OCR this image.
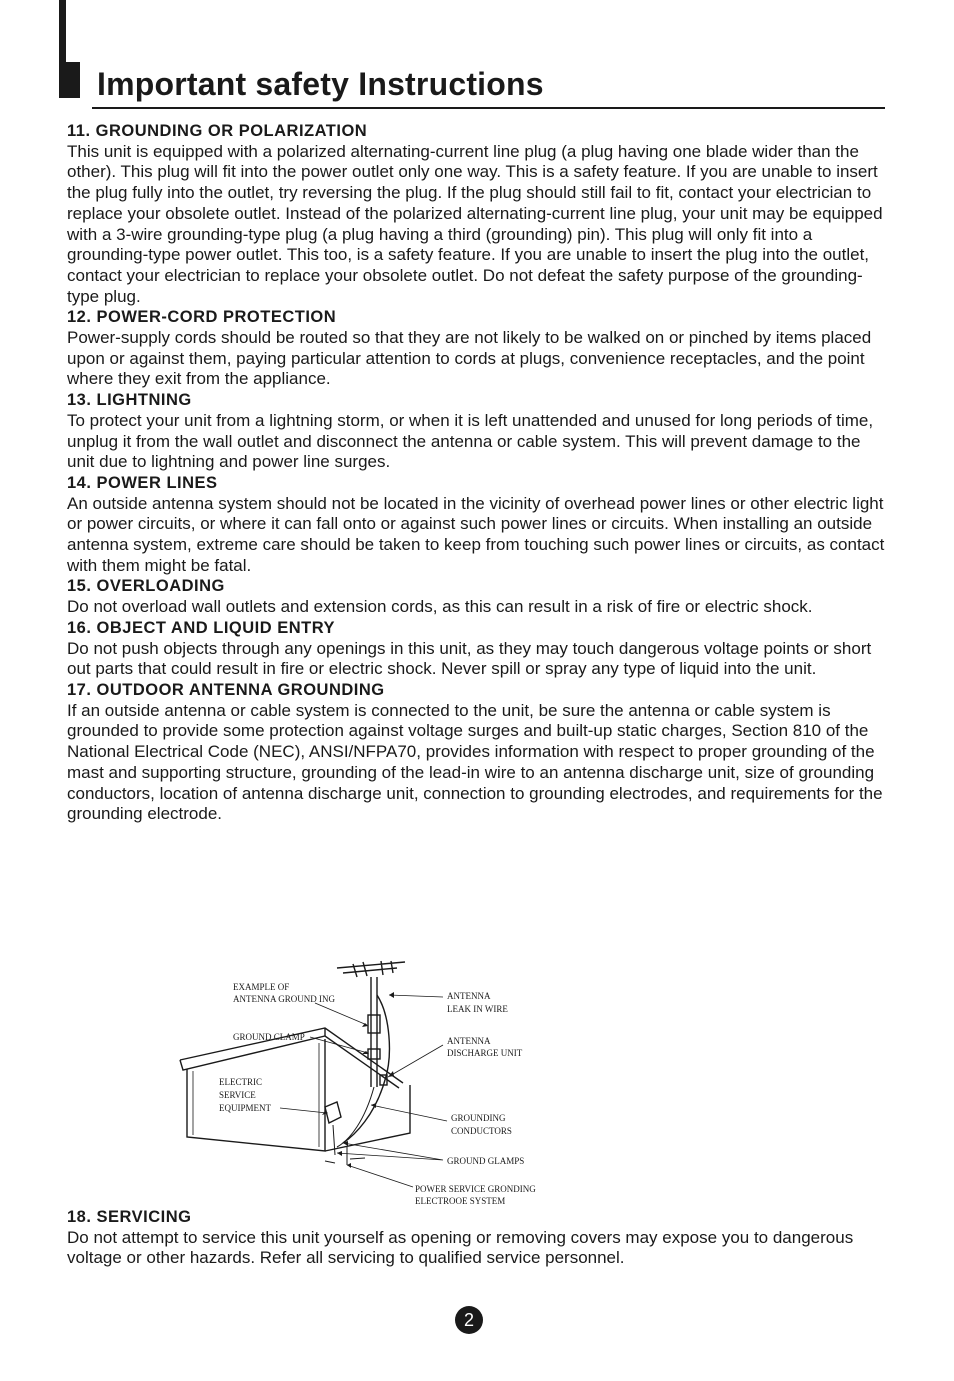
Important safety Instructions
11. GROUNDING OR POLARIZATION

This unit is equipped with a polarized alternating-current line plug (a plug having one blade wider than the other). This plug will fit into the power outlet only one way. This is a safety feature. If you are unable to insert the plug fully into the outlet, try reversing the plug. If the plug should still fail to fit, contact your electrician to replace your obsolete outlet. Instead of the polarized alternating-current line plug, your unit may be equipped with a 3-wire grounding-type plug (a plug having a third (grounding) pin). This plug will only fit into a grounding-type power outlet. This too, is a safety feature. If you are unable to insert the plug into the outlet, contact your electrician to replace your obsolete outlet. Do not defeat the safety purpose of the grounding-type plug.

12. POWER-CORD PROTECTION

Power-supply cords should be routed so that they are not likely to be walked on or pinched by items placed upon or against them, paying particular attention to cords at plugs, convenience receptacles, and the point where they exit from the appliance.

13. LIGHTNING

To protect your unit from a lightning storm, or when it is left unattended and unused for long periods of time, unplug it from the wall outlet and disconnect the antenna or cable system. This will prevent damage to the unit due to lightning and power line surges.

14. POWER LINES

An outside antenna system should not be located in the vicinity of overhead power lines or other electric light or power circuits, or where it can fall onto or against such power lines or circuits. When installing an outside antenna system, extreme care should be taken to keep from touching such power lines or circuits, as contact with them might be fatal.

15. OVERLOADING

Do not overload wall outlets and extension cords, as this can result in a risk of fire or electric shock.

16. OBJECT AND LIQUID ENTRY

Do not push objects through any openings in this unit, as they may touch dangerous voltage points or short out parts that could result in fire or electric shock. Never spill or spray any type of liquid into the unit.

17. OUTDOOR ANTENNA GROUNDING

If an outside antenna or cable system is connected to the unit, be sure the antenna or cable system is grounded to provide some protection against voltage surges and built-up static charges, Section 810 of the National Electrical Code (NEC), ANSI/NFPA70, provides information with respect to proper grounding of the mast and supporting structure, grounding of the lead-in wire to an antenna discharge unit, size of grounding conductors, location of antenna discharge unit, connection to grounding electrodes, and requirements for the grounding electrode.

EXAMPLE OF
ANTENNA GROUND ING
GROUND CLAMP
ELECTRIC
SERVICE
EQUIPMENT
ANTENNA
LEAK IN WIRE
ANTENNA
DISCHARGE UNIT
GROUNDING
CONDUCTORS
GROUND GLAMPS
POWER SERVICE GRONDING
ELECTROOE SYSTEM
18. SERVICING

Do not attempt to service this unit yourself as opening or removing covers may expose you to dangerous voltage or other hazards. Refer all servicing to qualified service personnel.

2
